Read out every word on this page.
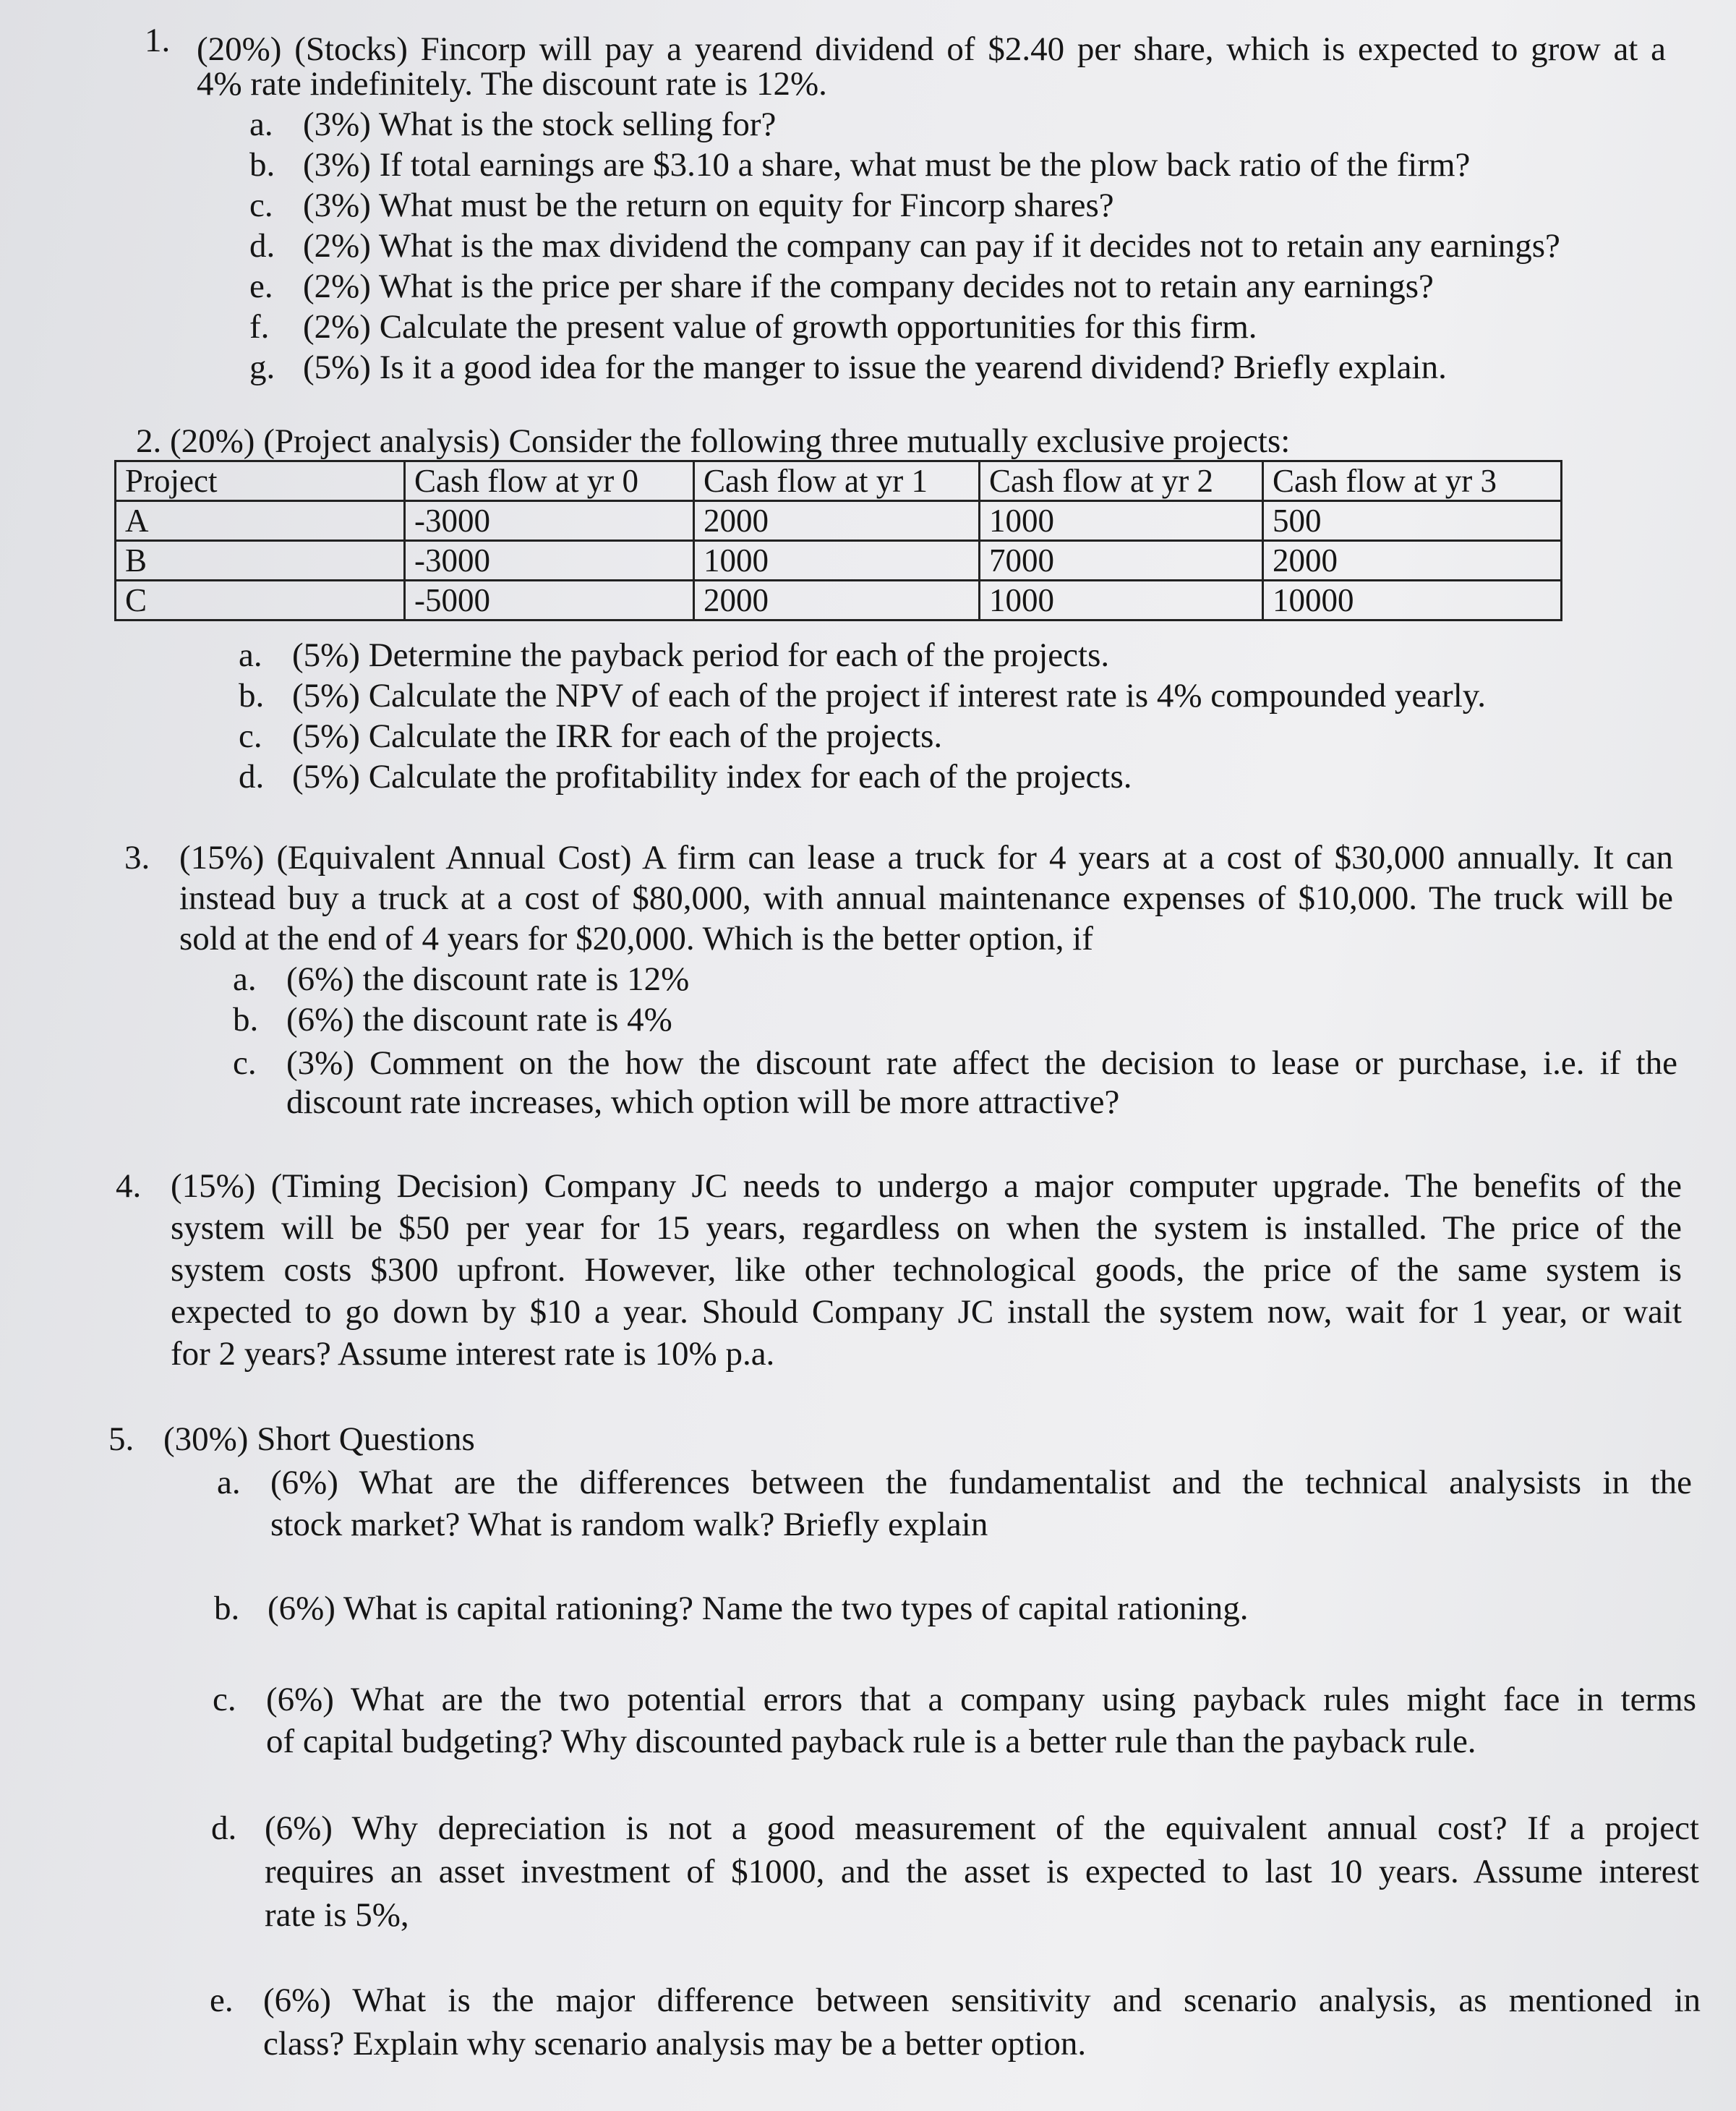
1. (20%) (Stocks) Fincorp will pay a yearend dividend of $2.40 per share, which is expected to grow at a
4% rate indefinitely. The discount rate is 12%.
a. (3%) What is the stock selling for?
b. (3%) If total earnings are $3.10 a share, what must be the plow back ratio of the firm?
c. (3%) What must be the return on equity for Fincorp shares?
d. (2%) What is the max dividend the company can pay if it decides not to retain any earnings?
e. (2%) What is the price per share if the company decides not to retain any earnings?
f. (2%) Calculate the present value of growth opportunities for this firm.
g. (5%) Is it a good idea for the manger to issue the yearend dividend? Briefly explain.
2. (20%) (Project analysis) Consider the following three mutually exclusive projects:
Project	Cash flow at yr 0	Cash flow at yr 1	Cash flow at yr 2	Cash flow at yr 3
A	-3000	2000	1000	500
B	-3000	1000	7000	2000
C	-5000	2000	1000	10000
a. (5%) Determine the payback period for each of the projects.
b. (5%) Calculate the NPV of each of the project if interest rate is 4% compounded yearly.
c. (5%) Calculate the IRR for each of the projects.
d. (5%) Calculate the profitability index for each of the projects.
3. (15%) (Equivalent Annual Cost) A firm can lease a truck for 4 years at a cost of $30,000 annually. It can
instead buy a truck at a cost of $80,000, with annual maintenance expenses of $10,000. The truck will be
sold at the end of 4 years for $20,000. Which is the better option, if
a. (6%) the discount rate is 12%
b. (6%) the discount rate is 4%
c. (3%) Comment on the how the discount rate affect the decision to lease or purchase, i.e. if the
discount rate increases, which option will be more attractive?
4. (15%) (Timing Decision) Company JC needs to undergo a major computer upgrade. The benefits of the
system will be $50 per year for 15 years, regardless on when the system is installed. The price of the
system costs $300 upfront. However, like other technological goods, the price of the same system is
expected to go down by $10 a year. Should Company JC install the system now, wait for 1 year, or wait
for 2 years? Assume interest rate is 10% p.a.
5. (30%) Short Questions
a. (6%) What are the differences between the fundamentalist and the technical analysists in the
stock market? What is random walk? Briefly explain
b. (6%) What is capital rationing? Name the two types of capital rationing.
c. (6%) What are the two potential errors that a company using payback rules might face in terms
of capital budgeting? Why discounted payback rule is a better rule than the payback rule.
d. (6%) Why depreciation is not a good measurement of the equivalent annual cost? If a project
requires an asset investment of $1000, and the asset is expected to last 10 years. Assume interest
rate is 5%,
e. (6%) What is the major difference between sensitivity and scenario analysis, as mentioned in
class? Explain why scenario analysis may be a better option.
